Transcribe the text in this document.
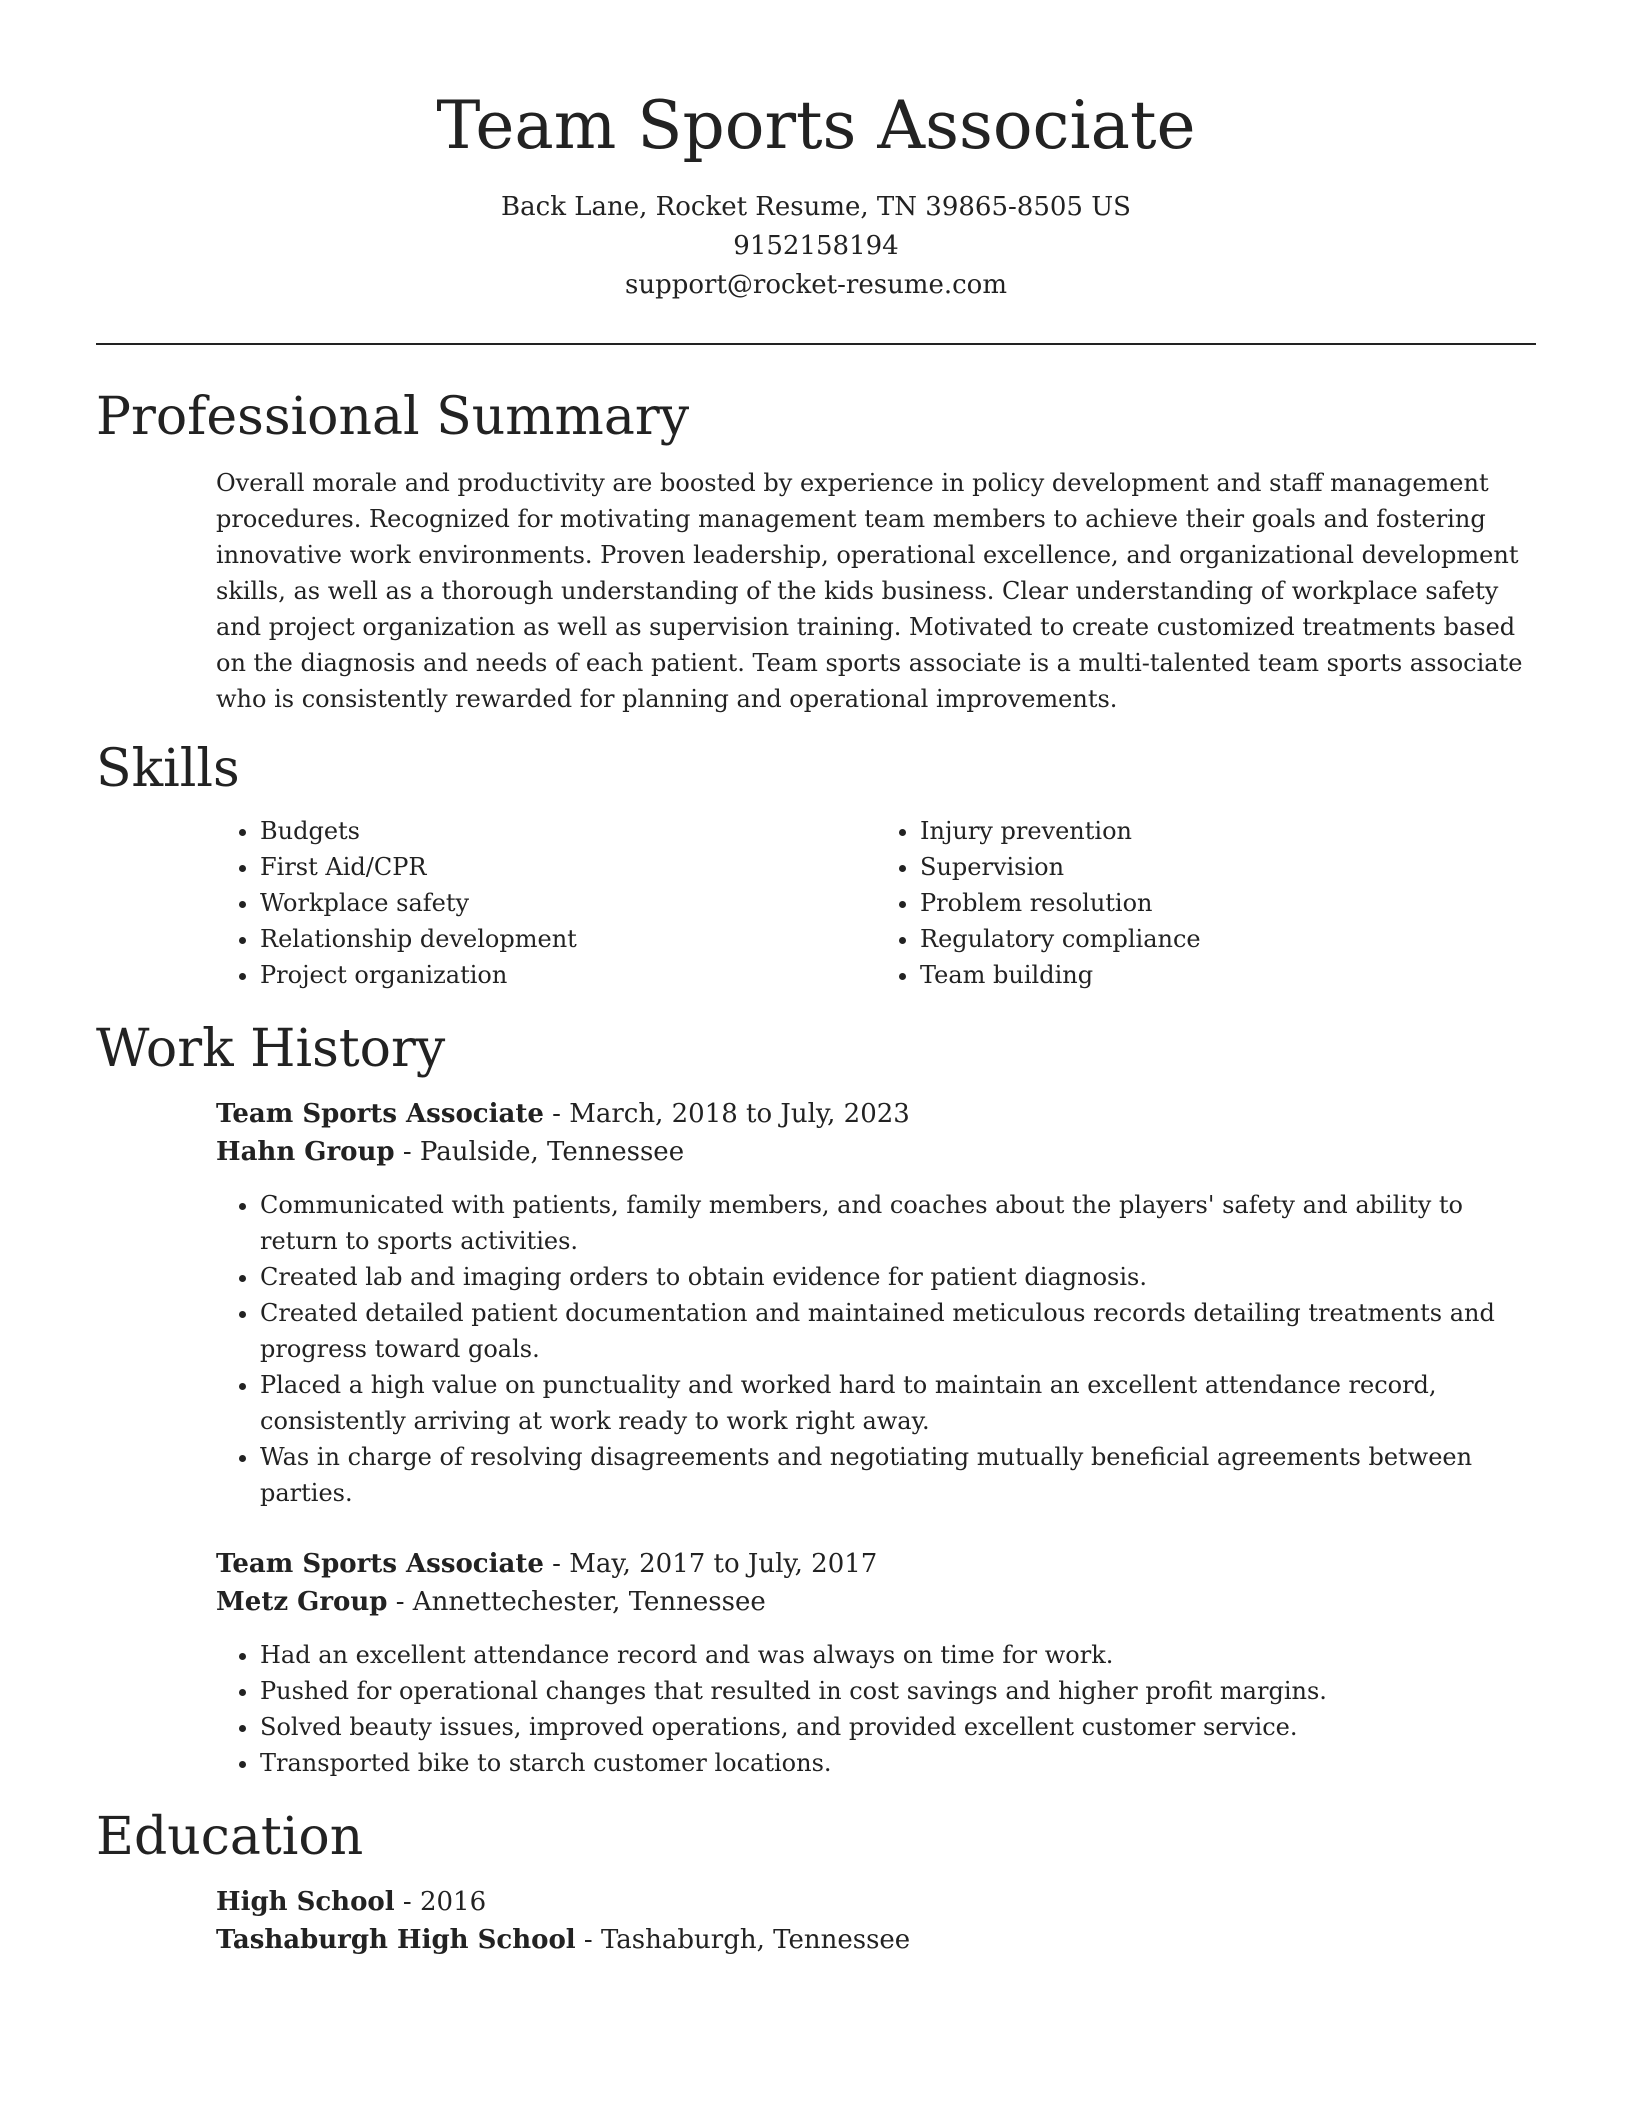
Team Sports Associate
Back Lane, Rocket Resume, TN 39865-8505 US
9152158194
support@rocket-resume.com
Professional Summary

Overall morale and productivity are boosted by experience in policy development and staff management procedures. Recognized for motivating management team members to achieve their goals and fostering innovative work environments. Proven leadership, operational excellence, and organizational development skills, as well as a thorough understanding of the kids business. Clear understanding of workplace safety and project organization as well as supervision training. Motivated to create customized treatments based on the diagnosis and needs of each patient. Team sports associate is a multi-talented team sports associate who is consistently rewarded for planning and operational improvements.

Skills
• Budgets
• First Aid/CPR
• Workplace safety
• Relationship development
• Project organization
• Injury prevention
• Supervision
• Problem resolution
• Regulatory compliance
• Team building
Work History

Team Sports Associate - March, 2018 to July, 2023

Hahn Group - Paulside, Tennessee

• Communicated with patients, family members, and coaches about the players' safety and ability to return to sports activities.
• Created lab and imaging orders to obtain evidence for patient diagnosis.
• Created detailed patient documentation and maintained meticulous records detailing treatments and progress toward goals.
• Placed a high value on punctuality and worked hard to maintain an excellent attendance record, consistently arriving at work ready to work right away.
• Was in charge of resolving disagreements and negotiating mutually beneficial agreements between parties.

Team Sports Associate - May, 2017 to July, 2017

Metz Group - Annettechester, Tennessee

• Had an excellent attendance record and was always on time for work.
• Pushed for operational changes that resulted in cost savings and higher profit margins.
• Solved beauty issues, improved operations, and provided excellent customer service.
• Transported bike to starch customer locations.
Education

High School - 2016

Tashaburgh High School - Tashaburgh, Tennessee
